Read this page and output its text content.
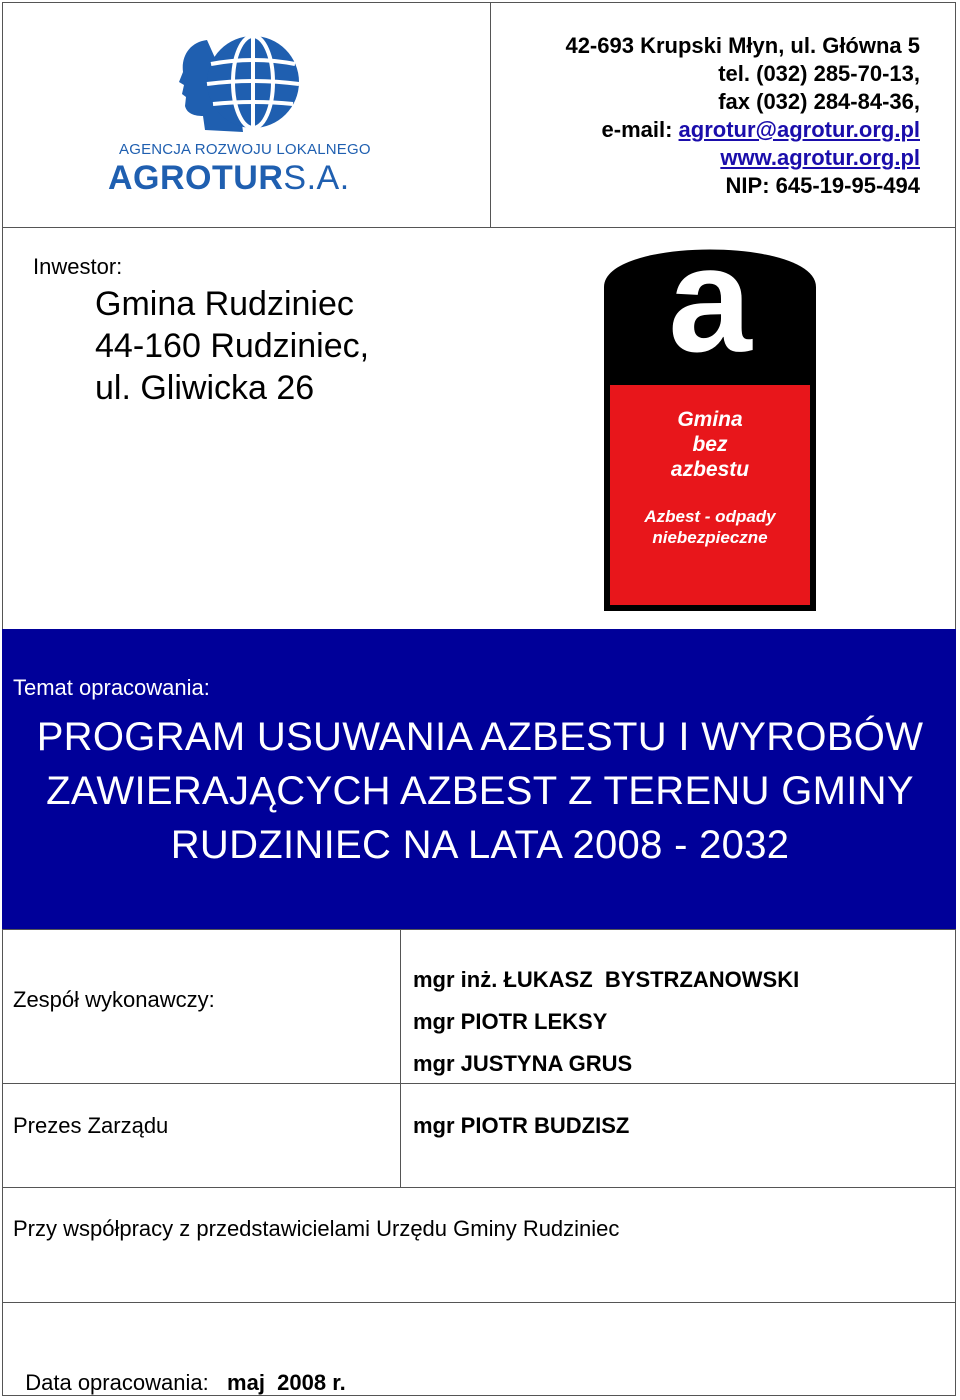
AGENCJA ROZWOJU LOKALNEGO
AGROTURS.A.
42-693 Krupski Młyn, ul. Główna 5
tel. (032) 285-70-13,
fax (032) 284-84-36,
e-mail: agrotur@agrotur.org.pl
www.agrotur.org.pl
NIP: 645-19-95-494
Inwestor:
Gmina Rudziniec
44-160 Rudziniec,
ul. Gliwicka 26
a
Gmina
bez
azbestu
Azbest - odpady
niebezpieczne
Temat opracowania:
PROGRAM USUWANIA AZBESTU I WYROBÓW
ZAWIERAJĄCYCH AZBEST Z TERENU GMINY
RUDZINIEC NA LATA 2008 - 2032
Zespół wykonawczy:
mgr inż. ŁUKASZ  BYSTRZANOWSKI
mgr PIOTR LEKSY
mgr JUSTYNA GRUS
Prezes Zarządu	mgr PIOTR BUDZISZ
Przy współpracy z przedstawicielami Urzędu Gminy Rudziniec

Data opracowania: maj  2008 r.
